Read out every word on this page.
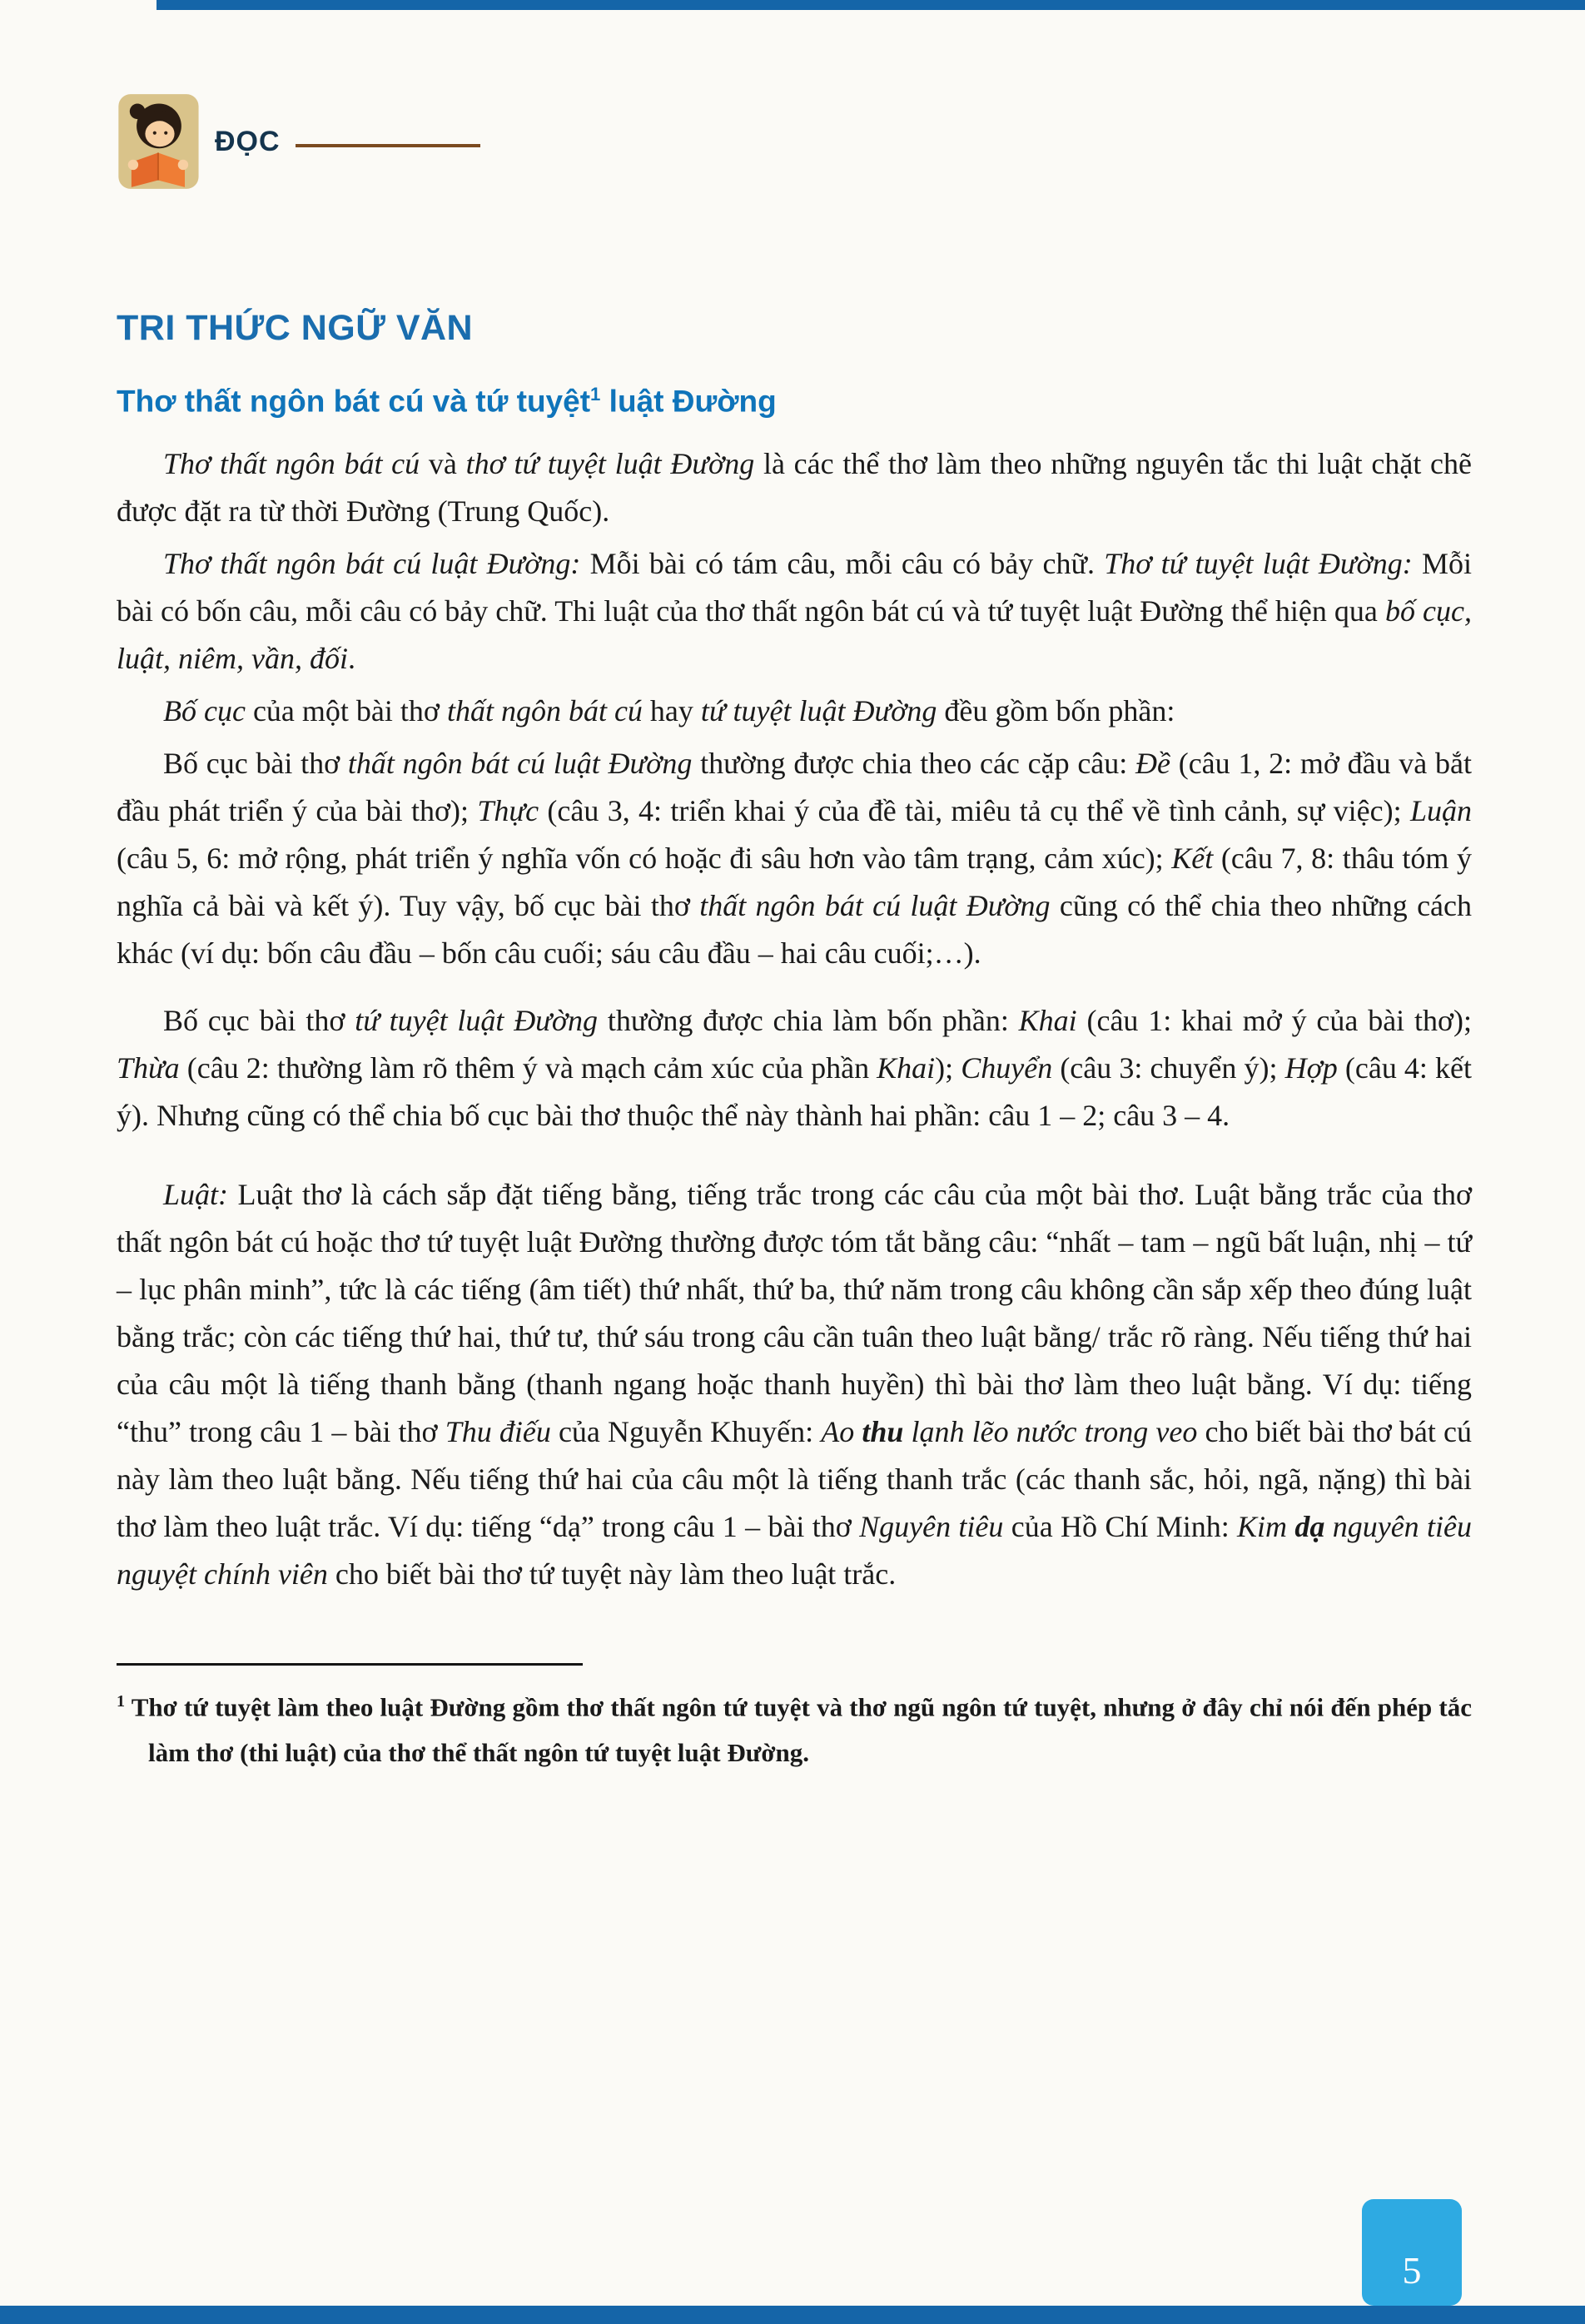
ĐỌC
TRI THỨC NGỮ VĂN
Thơ thất ngôn bát cú và tứ tuyệt$^1$ luật Đường

Thơ thất ngôn bát cú và thơ tứ tuyệt luật Đường là các thể thơ làm theo những nguyên tắc thi luật chặt chẽ được đặt ra từ thời Đường (Trung Quốc).

Thơ thất ngôn bát cú luật Đường: Mỗi bài có tám câu, mỗi câu có bảy chữ. Thơ tứ tuyệt luật Đường: Mỗi bài có bốn câu, mỗi câu có bảy chữ. Thi luật của thơ thất ngôn bát cú và tứ tuyệt luật Đường thể hiện qua bố cục, luật, niêm, vần, đối.

Bố cục của một bài thơ thất ngôn bát cú hay tứ tuyệt luật Đường đều gồm bốn phần:

Bố cục bài thơ thất ngôn bát cú luật Đường thường được chia theo các cặp câu: Đề (câu 1, 2: mở đầu và bắt đầu phát triển ý của bài thơ); Thực (câu 3, 4: triển khai ý của đề tài, miêu tả cụ thể về tình cảnh, sự việc); Luận (câu 5, 6: mở rộng, phát triển ý nghĩa vốn có hoặc đi sâu hơn vào tâm trạng, cảm xúc); Kết (câu 7, 8: thâu tóm ý nghĩa cả bài và kết ý). Tuy vậy, bố cục bài thơ thất ngôn bát cú luật Đường cũng có thể chia theo những cách khác (ví dụ: bốn câu đầu – bốn câu cuối; sáu câu đầu – hai câu cuối;…).

Bố cục bài thơ tứ tuyệt luật Đường thường được chia làm bốn phần: Khai (câu 1: khai mở ý của bài thơ); Thừa (câu 2: thường làm rõ thêm ý và mạch cảm xúc của phần Khai); Chuyển (câu 3: chuyển ý); Hợp (câu 4: kết ý). Nhưng cũng có thể chia bố cục bài thơ thuộc thể này thành hai phần: câu 1 – 2; câu 3 – 4.

Luật: Luật thơ là cách sắp đặt tiếng bằng, tiếng trắc trong các câu của một bài thơ. Luật bằng trắc của thơ thất ngôn bát cú hoặc thơ tứ tuyệt luật Đường thường được tóm tắt bằng câu: “nhất – tam – ngũ bất luận, nhị – tứ – lục phân minh”, tức là các tiếng (âm tiết) thứ nhất, thứ ba, thứ năm trong câu không cần sắp xếp theo đúng luật bằng trắc; còn các tiếng thứ hai, thứ tư, thứ sáu trong câu cần tuân theo luật bằng/ trắc rõ ràng. Nếu tiếng thứ hai của câu một là tiếng thanh bằng (thanh ngang hoặc thanh huyền) thì bài thơ làm theo luật bằng. Ví dụ: tiếng “thu” trong câu 1 – bài thơ Thu điếu của Nguyễn Khuyến: Ao thu lạnh lẽo nước trong veo cho biết bài thơ bát cú này làm theo luật bằng. Nếu tiếng thứ hai của câu một là tiếng thanh trắc (các thanh sắc, hỏi, ngã, nặng) thì bài thơ làm theo luật trắc. Ví dụ: tiếng “dạ” trong câu 1 – bài thơ Nguyên tiêu của Hồ Chí Minh: Kim dạ nguyên tiêu nguyệt chính viên cho biết bài thơ tứ tuyệt này làm theo luật trắc.

$^1$ Thơ tứ tuyệt làm theo luật Đường gồm thơ thất ngôn tứ tuyệt và thơ ngũ ngôn tứ tuyệt, nhưng ở đây chỉ nói đến phép tắc làm thơ (thi luật) của thơ thể thất ngôn tứ tuyệt luật Đường.

5
